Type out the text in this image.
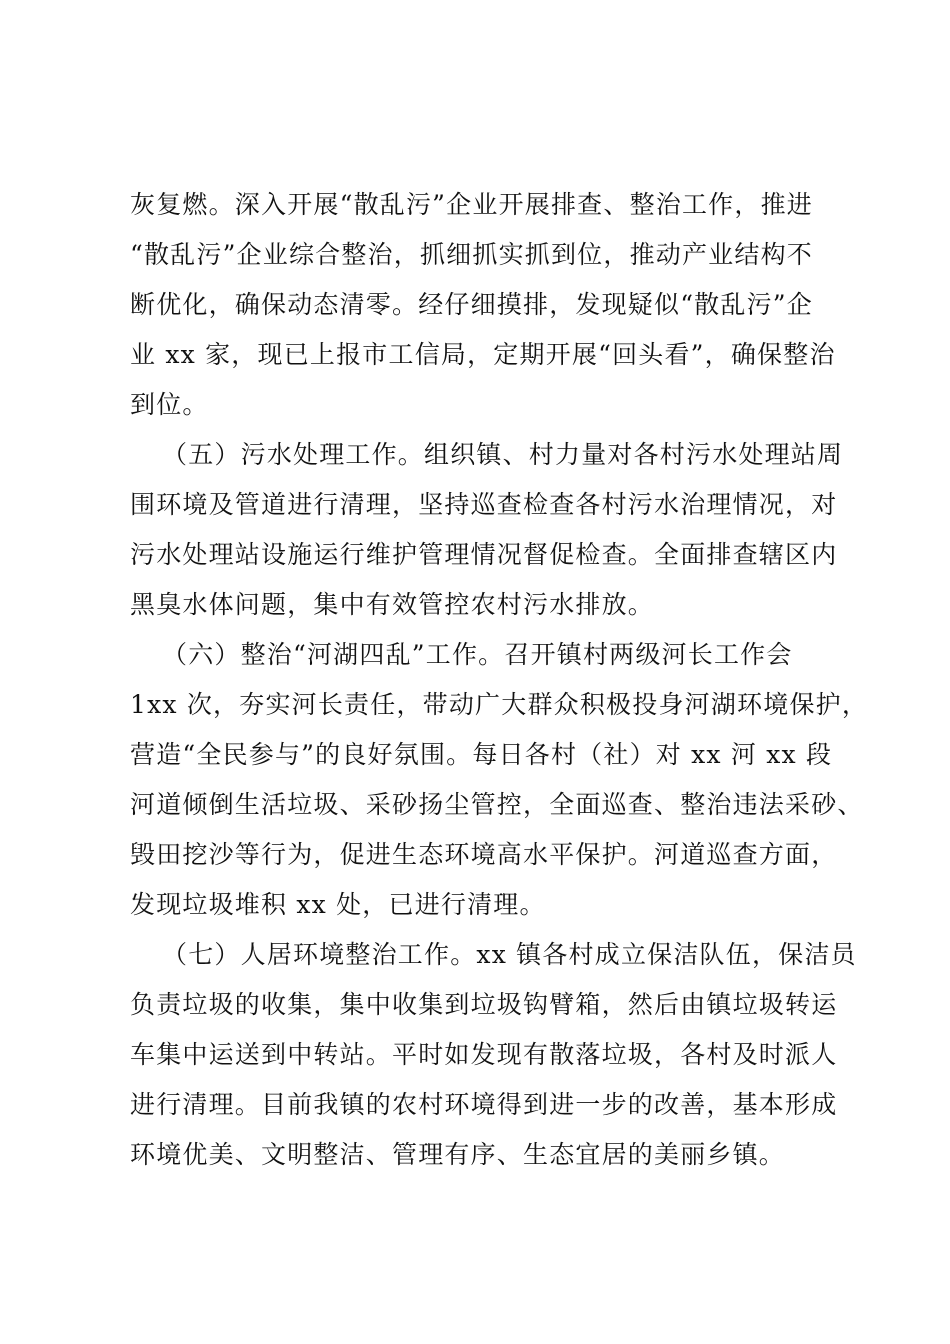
灰复燃。深入开展“散乱污”企业开展排查、整治工作，推进
“散乱污”企业综合整治，抓细抓实抓到位，推动产业结构不
断优化，确保动态清零。经仔细摸排，发现疑似“散乱污”企
业 xx 家，现已上报市工信局，定期开展“回头看”，确保整治
到位。
（五）污水处理工作。组织镇、村力量对各村污水处理站周
围环境及管道进行清理，坚持巡查检查各村污水治理情况，对
污水处理站设施运行维护管理情况督促检查。全面排查辖区内
黑臭水体问题，集中有效管控农村污水排放。
（六）整治“河湖四乱”工作。召开镇村两级河长工作会
1xx 次，夯实河长责任，带动广大群众积极投身河湖环境保护，
营造“全民参与”的良好氛围。每日各村（社）对 xx 河 xx 段
河道倾倒生活垃圾、采砂扬尘管控，全面巡查、整治违法采砂、
毁田挖沙等行为，促进生态环境高水平保护。河道巡查方面，
发现垃圾堆积 xx 处，已进行清理。
（七）人居环境整治工作。xx 镇各村成立保洁队伍，保洁员
负责垃圾的收集，集中收集到垃圾钩臂箱，然后由镇垃圾转运
车集中运送到中转站。平时如发现有散落垃圾，各村及时派人
进行清理。目前我镇的农村环境得到进一步的改善，基本形成
环境优美、文明整洁、管理有序、生态宜居的美丽乡镇。
